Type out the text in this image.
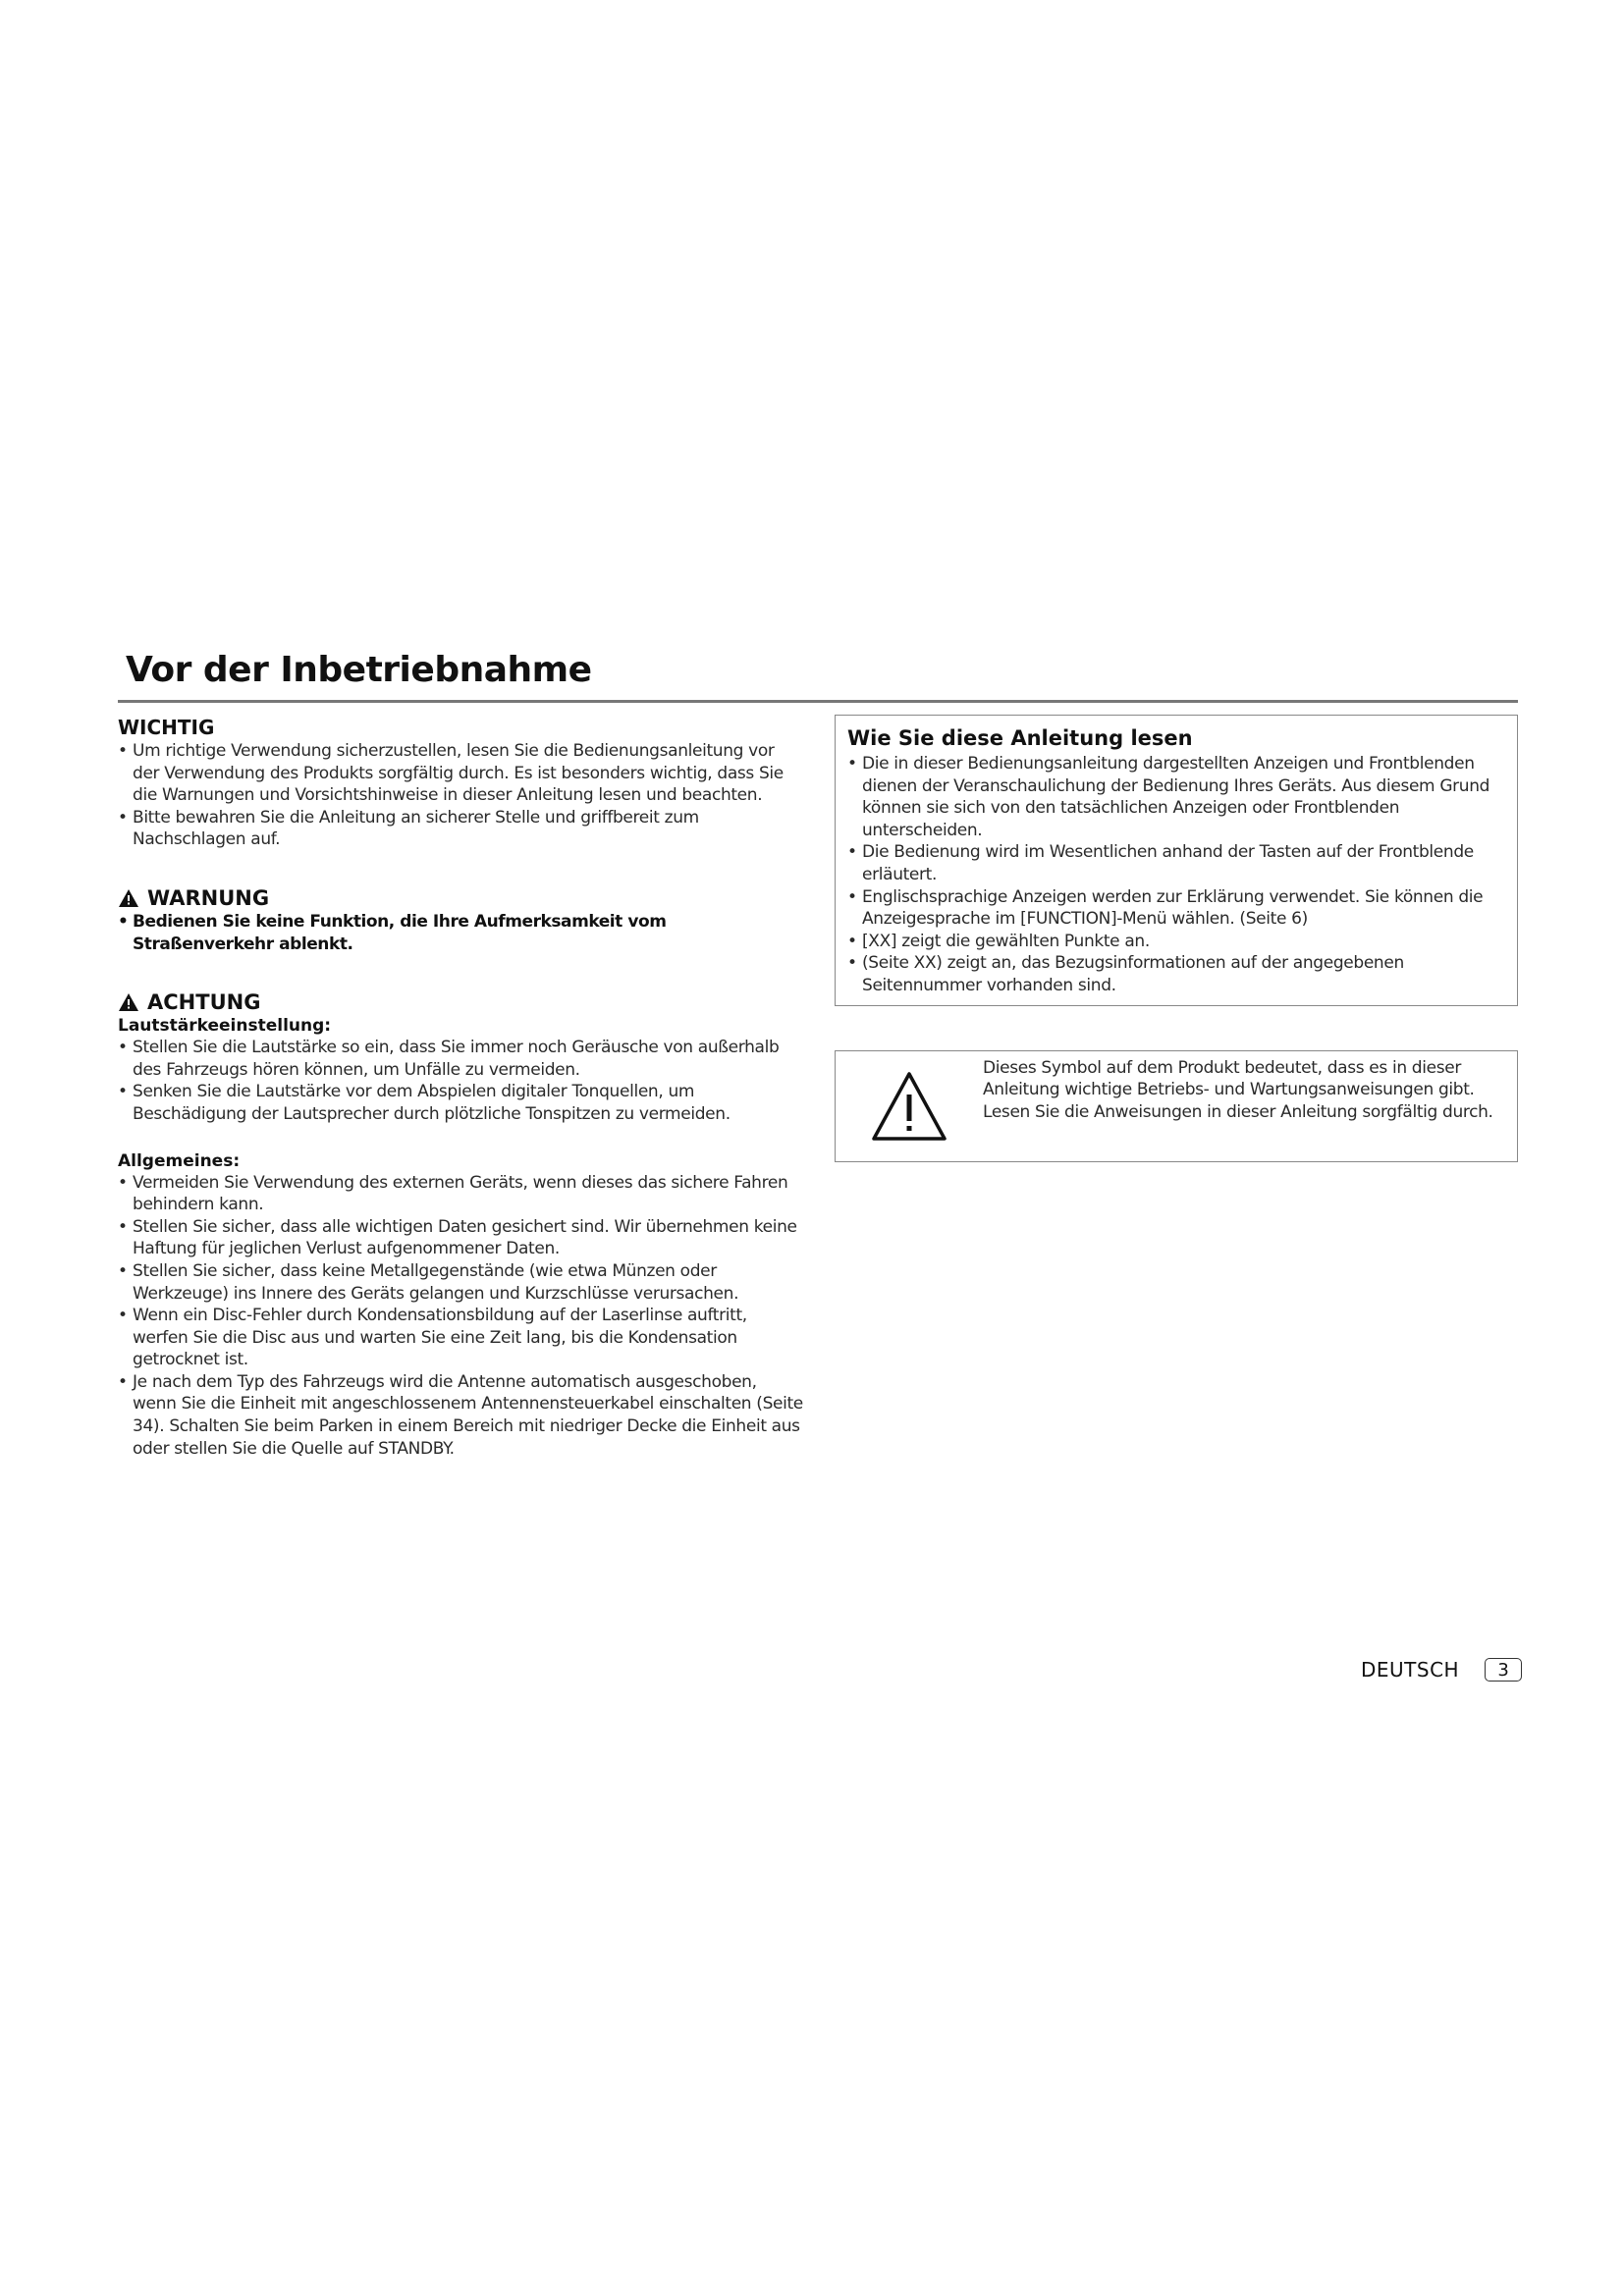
Vor der Inbetriebnahme
WICHTIG
• Um richtige Verwendung sicherzustellen, lesen Sie die Bedienungsanleitung vor der Verwendung des Produkts sorgfältig durch. Es ist besonders wichtig, dass Sie die Warnungen und Vorsichtshinweise in dieser Anleitung lesen und beachten.
• Bitte bewahren Sie die Anleitung an sicherer Stelle und griffbereit zum Nachschlagen auf.
WARNUNG
• Bedienen Sie keine Funktion, die Ihre Aufmerksamkeit vom Straßenverkehr ablenkt.
ACHTUNG
Lautstärkeeinstellung:
• Stellen Sie die Lautstärke so ein, dass Sie immer noch Geräusche von außerhalb des Fahrzeugs hören können, um Unfälle zu vermeiden.
• Senken Sie die Lautstärke vor dem Abspielen digitaler Tonquellen, um Beschädigung der Lautsprecher durch plötzliche Tonspitzen zu vermeiden.
Allgemeines:
• Vermeiden Sie Verwendung des externen Geräts, wenn dieses das sichere Fahren behindern kann.
• Stellen Sie sicher, dass alle wichtigen Daten gesichert sind. Wir übernehmen keine Haftung für jeglichen Verlust aufgenommener Daten.
• Stellen Sie sicher, dass keine Metallgegenstände (wie etwa Münzen oder Werkzeuge) ins Innere des Geräts gelangen und Kurzschlüsse verursachen.
• Wenn ein Disc-Fehler durch Kondensationsbildung auf der Laserlinse auftritt, werfen Sie die Disc aus und warten Sie eine Zeit lang, bis die Kondensation getrocknet ist.
• Je nach dem Typ des Fahrzeugs wird die Antenne automatisch ausgeschoben, wenn Sie die Einheit mit angeschlossenem Antennensteuerkabel einschalten (Seite 34). Schalten Sie beim Parken in einem Bereich mit niedriger Decke die Einheit aus oder stellen Sie die Quelle auf STANDBY.
Wie Sie diese Anleitung lesen
• Die in dieser Bedienungsanleitung dargestellten Anzeigen und Frontblenden dienen der Veranschaulichung der Bedienung Ihres Geräts. Aus diesem Grund können sie sich von den tatsächlichen Anzeigen oder Frontblenden unterscheiden.
• Die Bedienung wird im Wesentlichen anhand der Tasten auf der Frontblende erläutert.
• Englischsprachige Anzeigen werden zur Erklärung verwendet. Sie können die Anzeigesprache im [FUNCTION]-Menü wählen. (Seite 6)
• [XX] zeigt die gewählten Punkte an.
• (Seite XX) zeigt an, das Bezugsinformationen auf der angegebenen Seitennummer vorhanden sind.
Dieses Symbol auf dem Produkt bedeutet, dass es in dieser Anleitung wichtige Betriebs- und Wartungsanweisungen gibt. Lesen Sie die Anweisungen in dieser Anleitung sorgfältig durch.
DEUTSCH	3
